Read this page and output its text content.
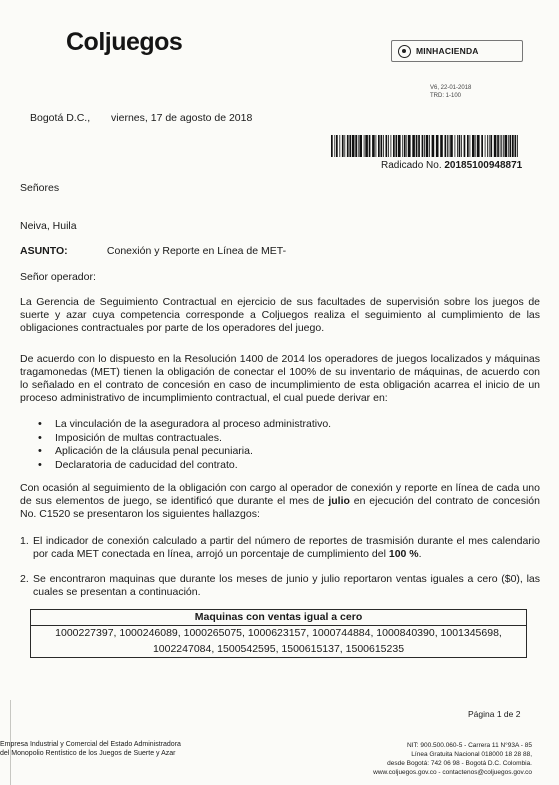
Coljuegos	MINHACIENDA
V6, 22-01-2018
TRD: 1-100
Bogotá D.C., viernes, 17 de agosto de 2018
Radicado No. 20185100948871
Señores
Neiva, Huila
ASUNTO:	Conexión y Reporte en Línea de MET-
Señor operador:
La Gerencia de Seguimiento Contractual en ejercicio de sus facultades de supervisión sobre los juegos de suerte y azar cuya competencia corresponde a Coljuegos realiza el seguimiento al cumplimiento de las obligaciones contractuales por parte de los operadores del juego.
De acuerdo con lo dispuesto en la Resolución 1400 de 2014 los operadores de juegos localizados y máquinas tragamonedas (MET) tienen la obligación de conectar el 100% de su inventario de máquinas, de acuerdo con lo señalado en el contrato de concesión en caso de incumplimiento de esta obligación acarrea el inicio de un proceso administrativo de incumplimiento contractual, el cual puede derivar en:
• La vinculación de la aseguradora al proceso administrativo.
• Imposición de multas contractuales.
• Aplicación de la cláusula penal pecuniaria.
• Declaratoria de caducidad del contrato.
Con ocasión al seguimiento de la obligación con cargo al operador de conexión y reporte en línea de cada uno de sus elementos de juego, se identificó que durante el mes de julio en ejecución del contrato de concesión No. C1520 se presentaron los siguientes hallazgos:
1. El indicador de conexión calculado a partir del número de reportes de trasmisión durante el mes calendario por cada MET conectada en línea, arrojó un porcentaje de cumplimiento del 100 %.
2. Se encontraron maquinas que durante los meses de junio y julio reportaron ventas iguales a cero ($0), las cuales se presentan a continuación.
Maquinas con ventas igual a cero
1000227397, 1000246089, 1000265075, 1000623157, 1000744884, 1000840390, 1001345698,
1002247084, 1500542595, 1500615137, 1500615235
Página 1 de 2
Empresa Industrial y Comercial del Estado Administradora
del Monopolio Rentístico de los Juegos de Suerte y Azar
NIT: 900.500.060-5 - Carrera 11 N°93A - 85
Línea Gratuita Nacional 018000 18 28 88,
desde Bogotá: 742 06 98 - Bogotá D.C. Colombia.
www.coljuegos.gov.co - contactenos@coljuegos.gov.co
